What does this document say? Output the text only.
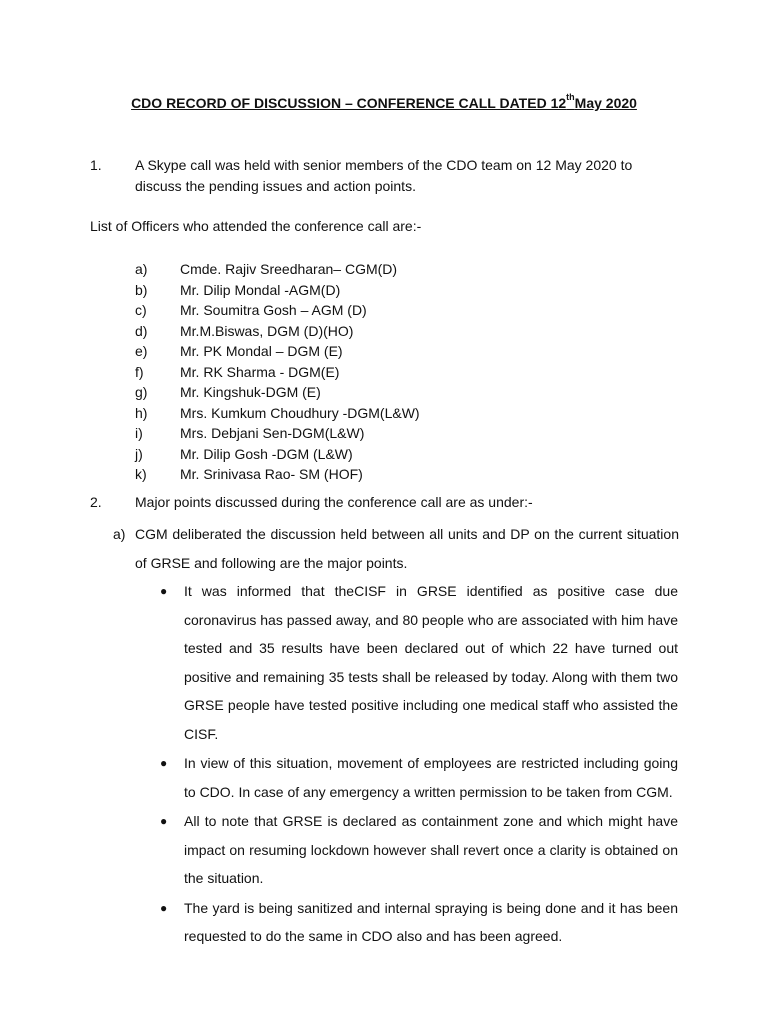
CDO RECORD OF DISCUSSION – CONFERENCE CALL DATED 12thMay 2020
1. A Skype call was held with senior members of the CDO team on 12 May 2020 to discuss the pending issues and action points.
List of Officers who attended the conference call are:-
a)	Cmde. Rajiv Sreedharan– CGM(D)
b)	Mr. Dilip Mondal -AGM(D)
c)	Mr. Soumitra Gosh – AGM (D)
d)	Mr.M.Biswas, DGM (D)(HO)
e)	Mr. PK Mondal – DGM (E)
f)	Mr. RK Sharma - DGM(E)
g)	Mr. Kingshuk-DGM (E)
h)	Mrs. Kumkum Choudhury -DGM(L&W)
i)	Mrs. Debjani Sen-DGM(L&W)
j)	Mr. Dilip Gosh -DGM (L&W)
k)	Mr. Srinivasa Rao- SM (HOF)
2. Major points discussed during the conference call are as under:-
a) CGM deliberated the discussion held between all units and DP on the current situation of GRSE and following are the major points.
●	It was informed that theCISF in GRSE identified as positive case due coronavirus has passed away, and 80 people who are associated with him have tested and 35 results have been declared out of which 22 have turned out positive and remaining 35 tests shall be released by today. Along with them two GRSE people have tested positive including one medical staff who assisted the CISF.
●	In view of this situation, movement of employees are restricted including going to CDO. In case of any emergency a written permission to be taken from CGM.
●	All to note that GRSE is declared as containment zone and which might have impact on resuming lockdown however shall revert once a clarity is obtained on the situation.
●	The yard is being sanitized and internal spraying is being done and it has been requested to do the same in CDO also and has been agreed.
